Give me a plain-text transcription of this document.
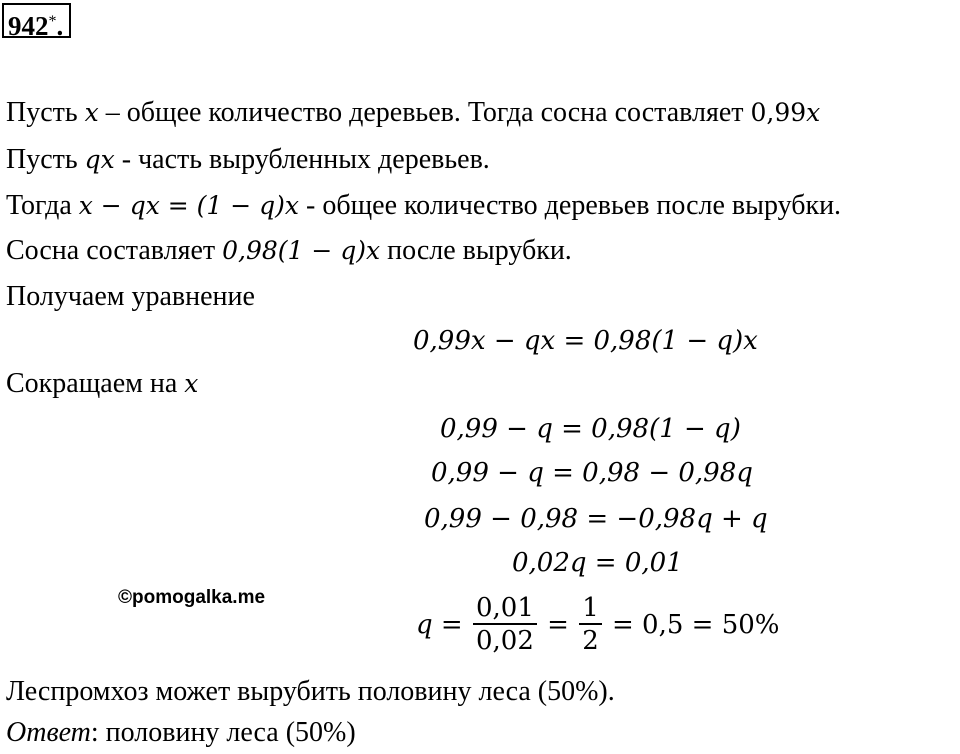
942*.
Пусть x – общее количество деревьев. Тогда сосна составляет 0,99x
Пусть qx - часть вырубленных деревьев.
Тогда x − qx = (1 − q)x - общее количество деревьев после вырубки.
Сосна составляет 0,98(1 − q)x после вырубки.
Получаем уравнение
0,99x − qx = 0,98(1 − q)x
Сокращаем на x
0,99 − q = 0,98(1 − q)
0,99 − q = 0,98 − 0,98q
0,99 − 0,98 = −0,98q + q
0,02q = 0,01
©pomogalka.me
$q = \frac{0,01}{0,02} = \frac{1}{2} = 0,5 = 50\%$
Леспромхоз может вырубить половину леса (50%).
Ответ: половину леса (50%)
